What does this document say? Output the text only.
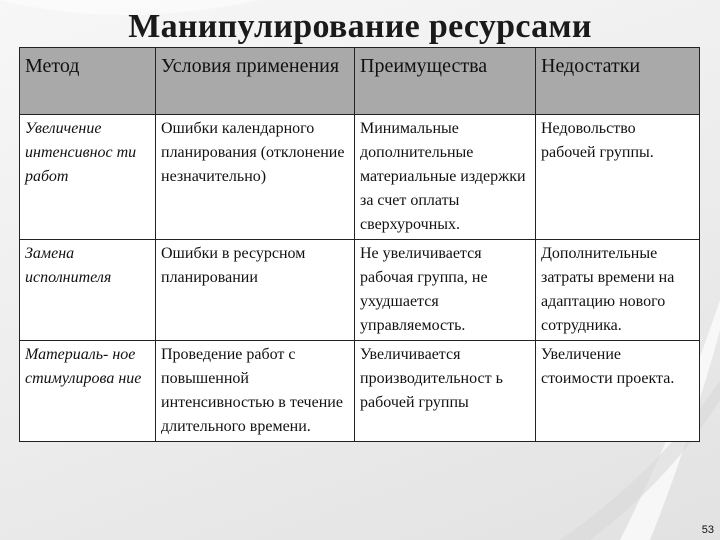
Манипулирование ресурсами
Метод	Условия применения	Преимущества	Недостатки
Увеличение интенсивнос ти работ	Ошибки календарного планирования (отклонение незначительно)	Минимальные дополнительные материальные издержки за счет оплаты сверхурочных.	Недовольство рабочей группы.
Замена исполнителя	Ошибки в ресурсном планировании	Не увеличивается рабочая группа, не ухудшается управляемость.	Дополнительные затраты времени на адаптацию нового сотрудника.
Материаль- ное стимулирова ние	Проведение работ с повышенной интенсивностью в течение длительного времени.	Увеличивается производительност ь рабочей группы	Увеличение стоимости проекта.
53
